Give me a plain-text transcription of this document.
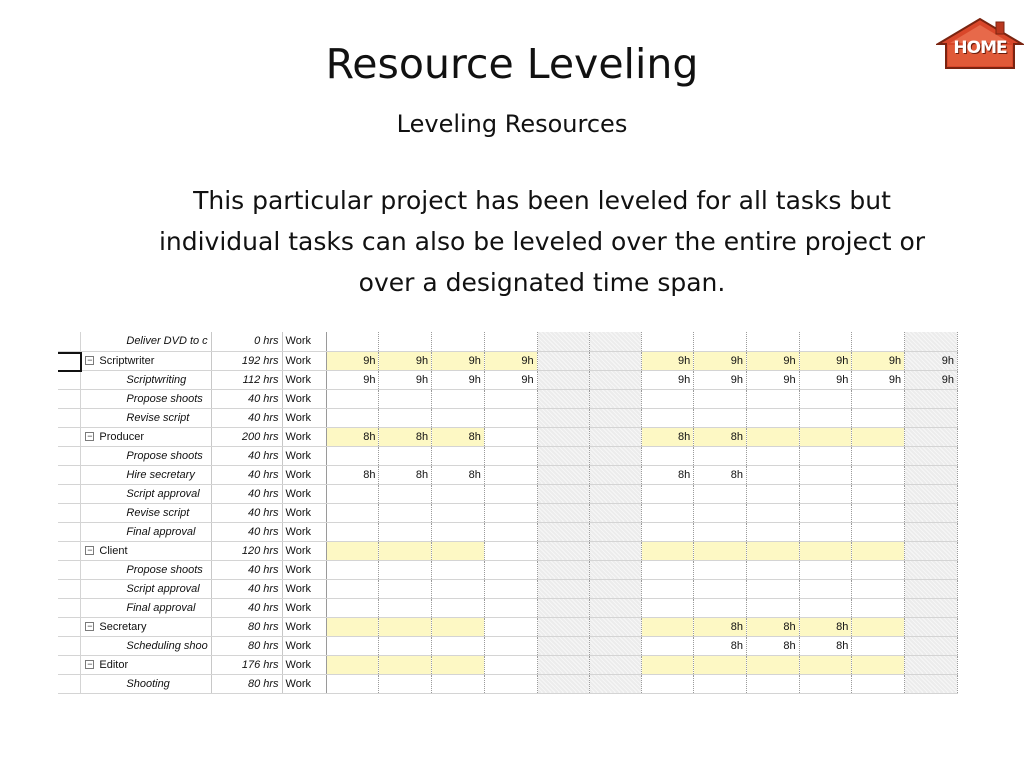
Resource Leveling
Leveling Resources
This particular project has been leveled for all tasks but individual tasks can also be leveled over the entire project or over a designated time span.
HOME
	Deliver DVD to c	0 hrs	Work												
	− Scriptwriter	192 hrs	Work	9h	9h	9h	9h			9h	9h	9h	9h	9h	9h
	Scriptwriting	112 hrs	Work	9h	9h	9h	9h			9h	9h	9h	9h	9h	9h
	Propose shoots	40 hrs	Work												
	Revise script	40 hrs	Work												
	− Producer	200 hrs	Work	8h	8h	8h				8h	8h				
	Propose shoots	40 hrs	Work												
	Hire secretary	40 hrs	Work	8h	8h	8h				8h	8h				
	Script approval	40 hrs	Work												
	Revise script	40 hrs	Work												
	Final approval	40 hrs	Work												
	− Client	120 hrs	Work												
	Propose shoots	40 hrs	Work												
	Script approval	40 hrs	Work												
	Final approval	40 hrs	Work												
	− Secretary	80 hrs	Work								8h	8h	8h		
	Scheduling shoo	80 hrs	Work								8h	8h	8h		
	− Editor	176 hrs	Work												
	Shooting	80 hrs	Work												
